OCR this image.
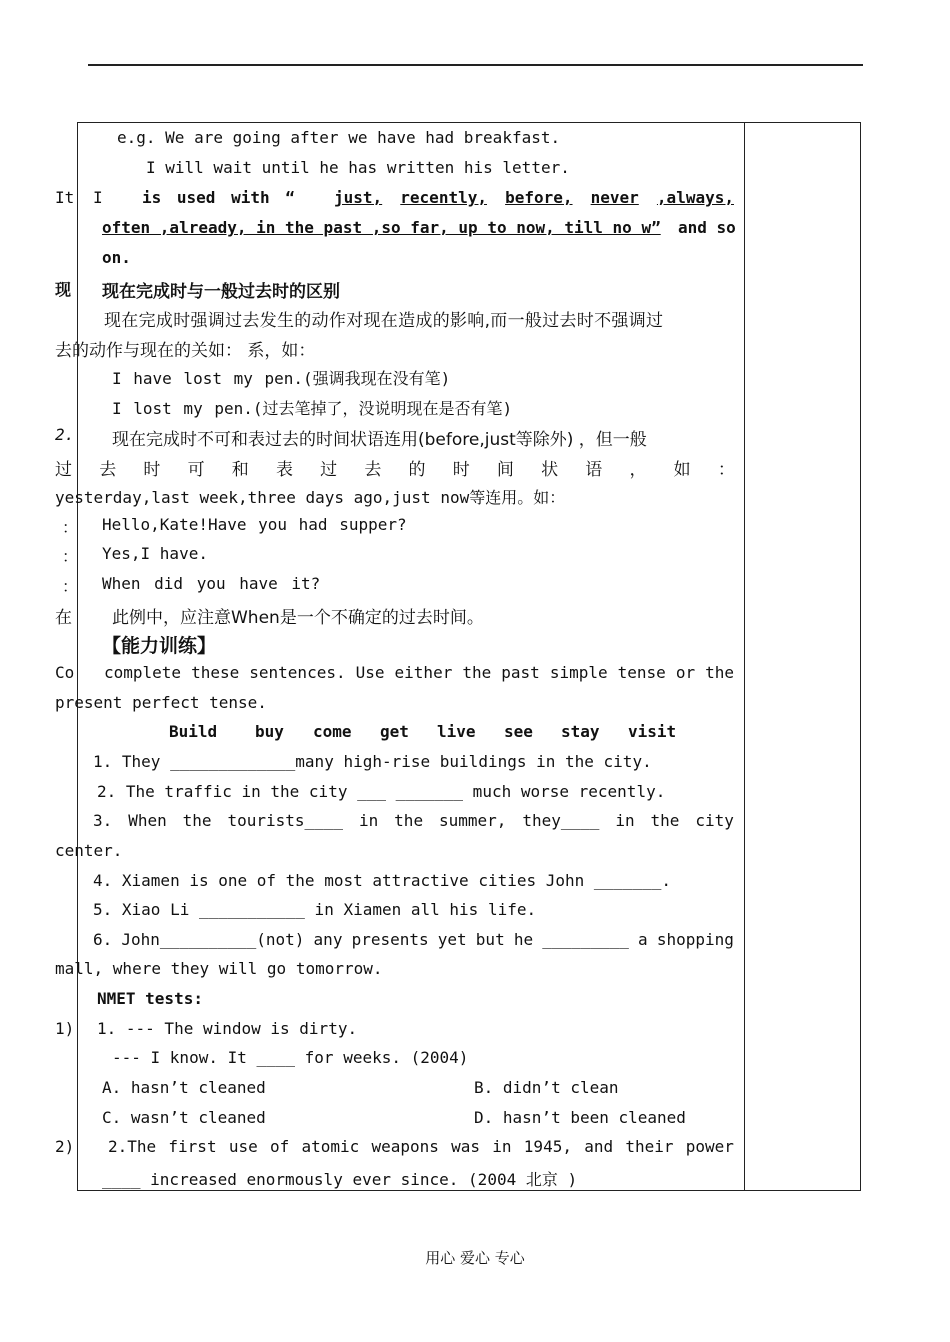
e.g. We are going after we have had breakfast.
I will wait until he has written his letter.
It I is used with “ just, recently, before, never ,always,
often ,already, in the past ,so far, up to now, till no w” and so
on.
现 现在完成时与一般过去时的区别
现在完成时强调过去发生的动作对现在造成的影响,而一般过去时不强调过
去的动作与现在的关如： 系，如：
I have lost my pen.(强调我现在没有笔)
I lost my pen.(过去笔掉了，没说明现在是否有笔)
2. 现在完成时不可和表过去的时间状语连用(before,just等除外) ，但一般
过 去 时 可 和 表 过 去 的 时 间 状 语 ， 如 ：
yesterday,last week,three days ago,just now等连用。如：
： Hello,Kate!Have you had supper?
： Yes,I have.
： When did you have it?
在 此例中，应注意When是一个不确定的过去时间。
【能力训练】
Co complete these sentences. Use either the past simple tense or the
present perfect tense.
Build buy come get live see stay visit
1. They _____________many high-rise buildings in the city.
2. The traffic in the city ___ _______ much worse recently.
3. When the tourists____ in the summer, they____ in the city
center.
4. Xiamen is one of the most attractive cities John _______.
5. Xiao Li ___________ in Xiamen all his life.
6. John__________(not) any presents yet but he _________ a shopping
mall, where they will go tomorrow.
NMET tests:
1) 1. --- The window is dirty.
--- I know. It ____ for weeks. (2004)
A. hasn’t cleaned	B. didn’t clean
C. wasn’t cleaned	D. hasn’t been cleaned
2) 2.The first use of atomic weapons was in 1945, and their power
____ increased enormously ever since. (2004 北京 )
用心 爱心 专心
